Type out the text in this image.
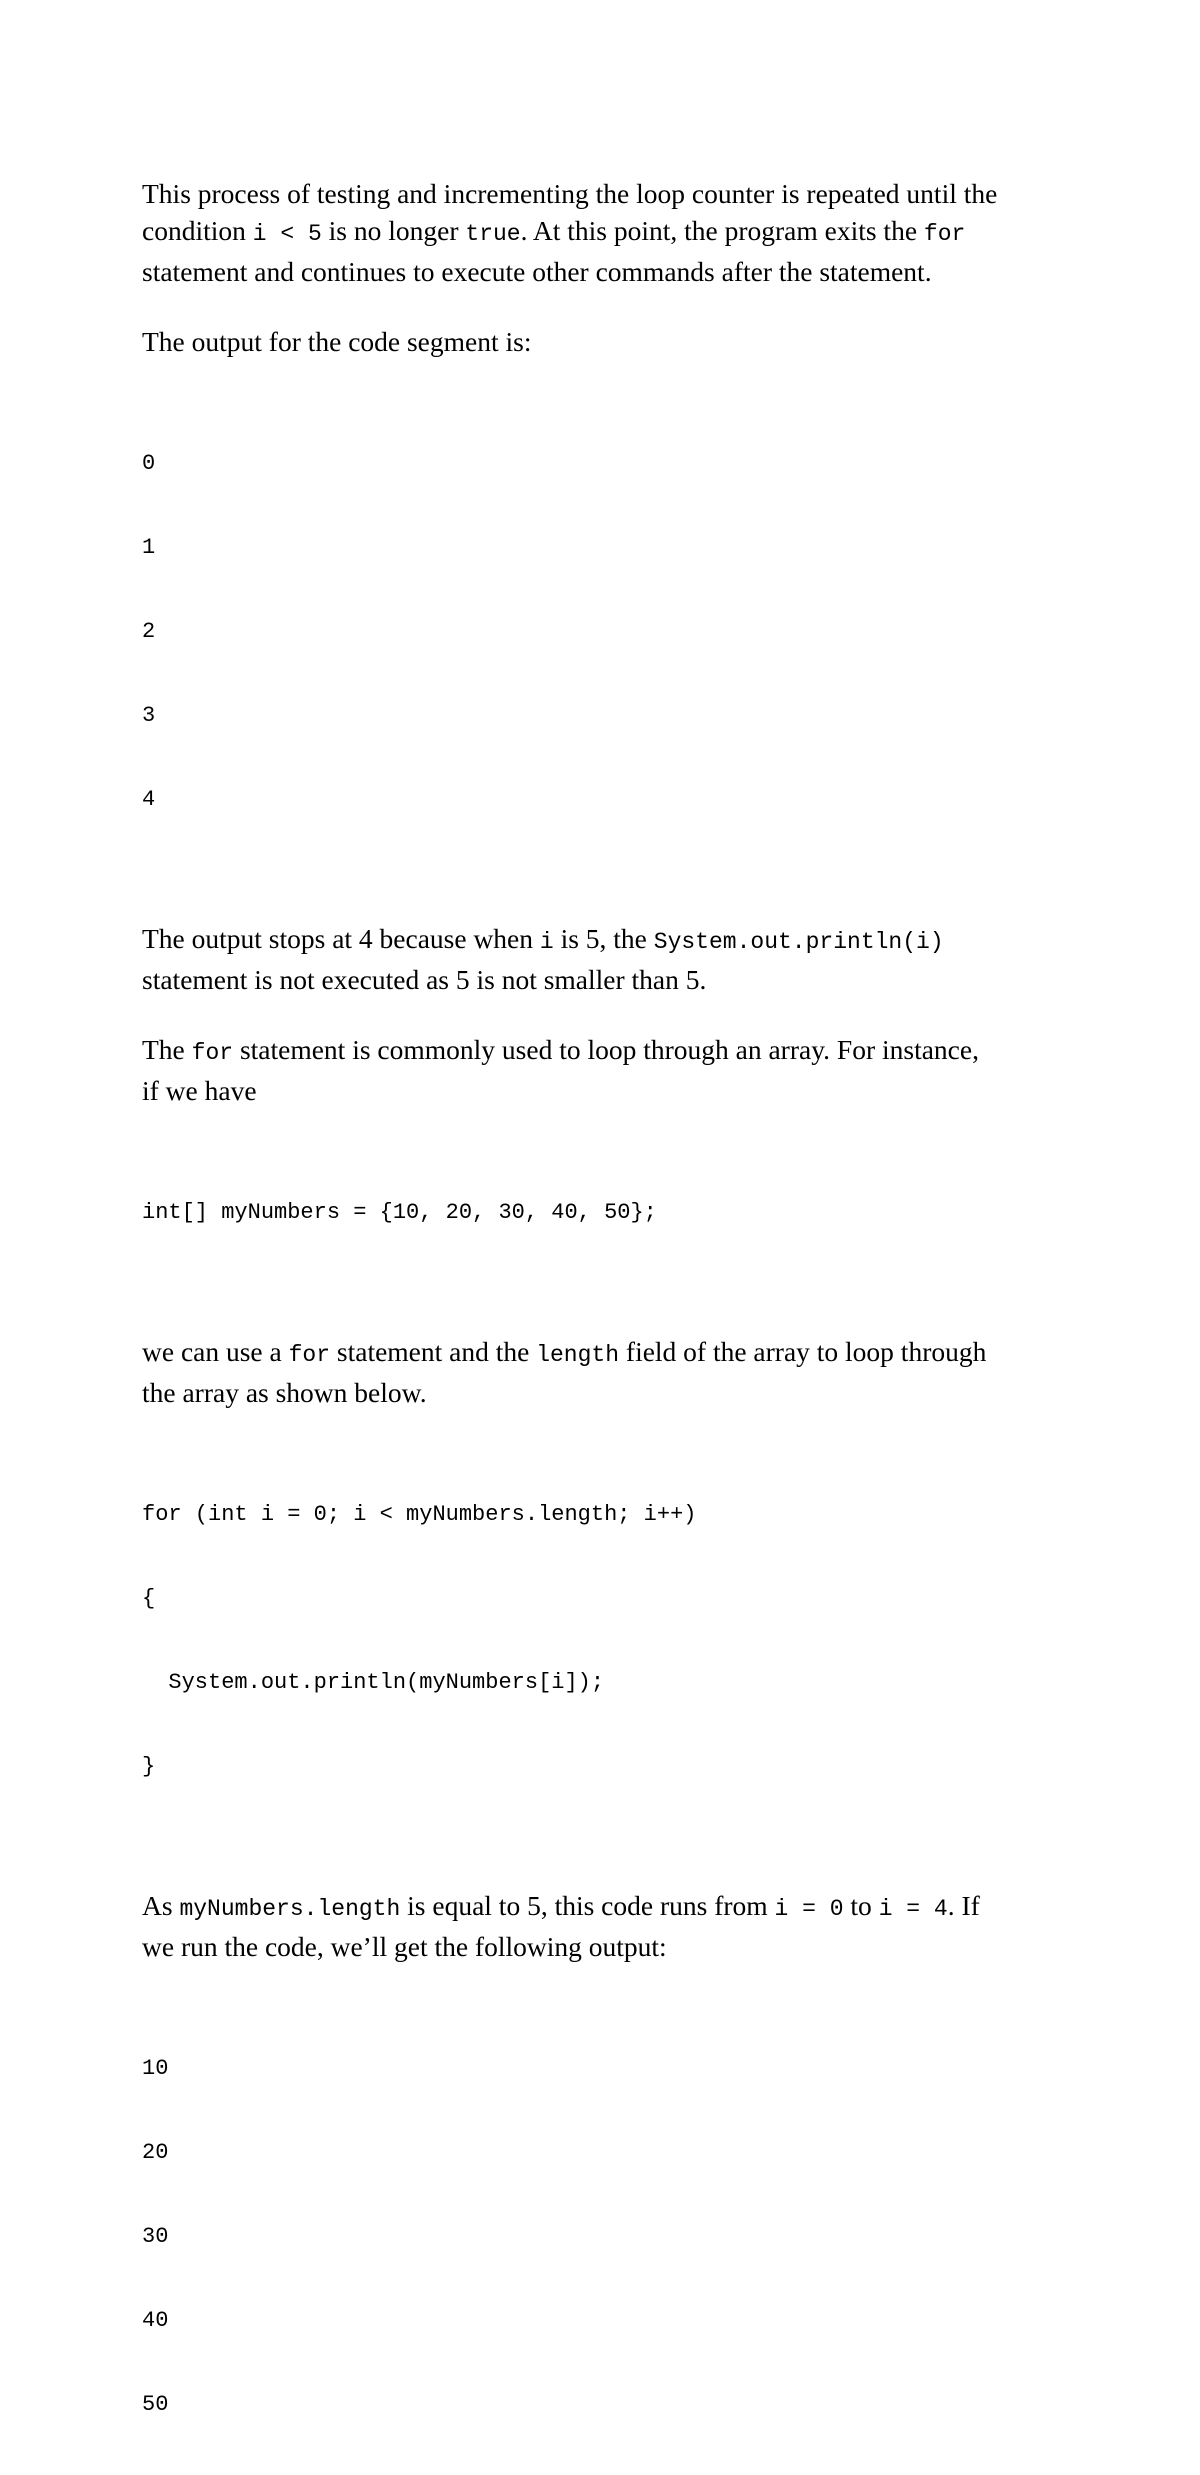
This process of testing and incrementing the loop counter is repeated until the
condition i < 5 is no longer true. At this point, the program exits the for
statement and continues to execute other commands after the statement.

The output for the code segment is:

0

1

2

3

4

The output stops at 4 because when i is 5, the System.out.println(i)
statement is not executed as 5 is not smaller than 5.

The for statement is commonly used to loop through an array. For instance,
if we have

int[] myNumbers = {10, 20, 30, 40, 50};

we can use a for statement and the length field of the array to loop through
the array as shown below.

for (int i = 0; i < myNumbers.length; i++)

{

System.out.println(myNumbers[i]);

}

As myNumbers.length is equal to 5, this code runs from i = 0 to i = 4. If
we run the code, we’ll get the following output:

10

20

30

40

50
